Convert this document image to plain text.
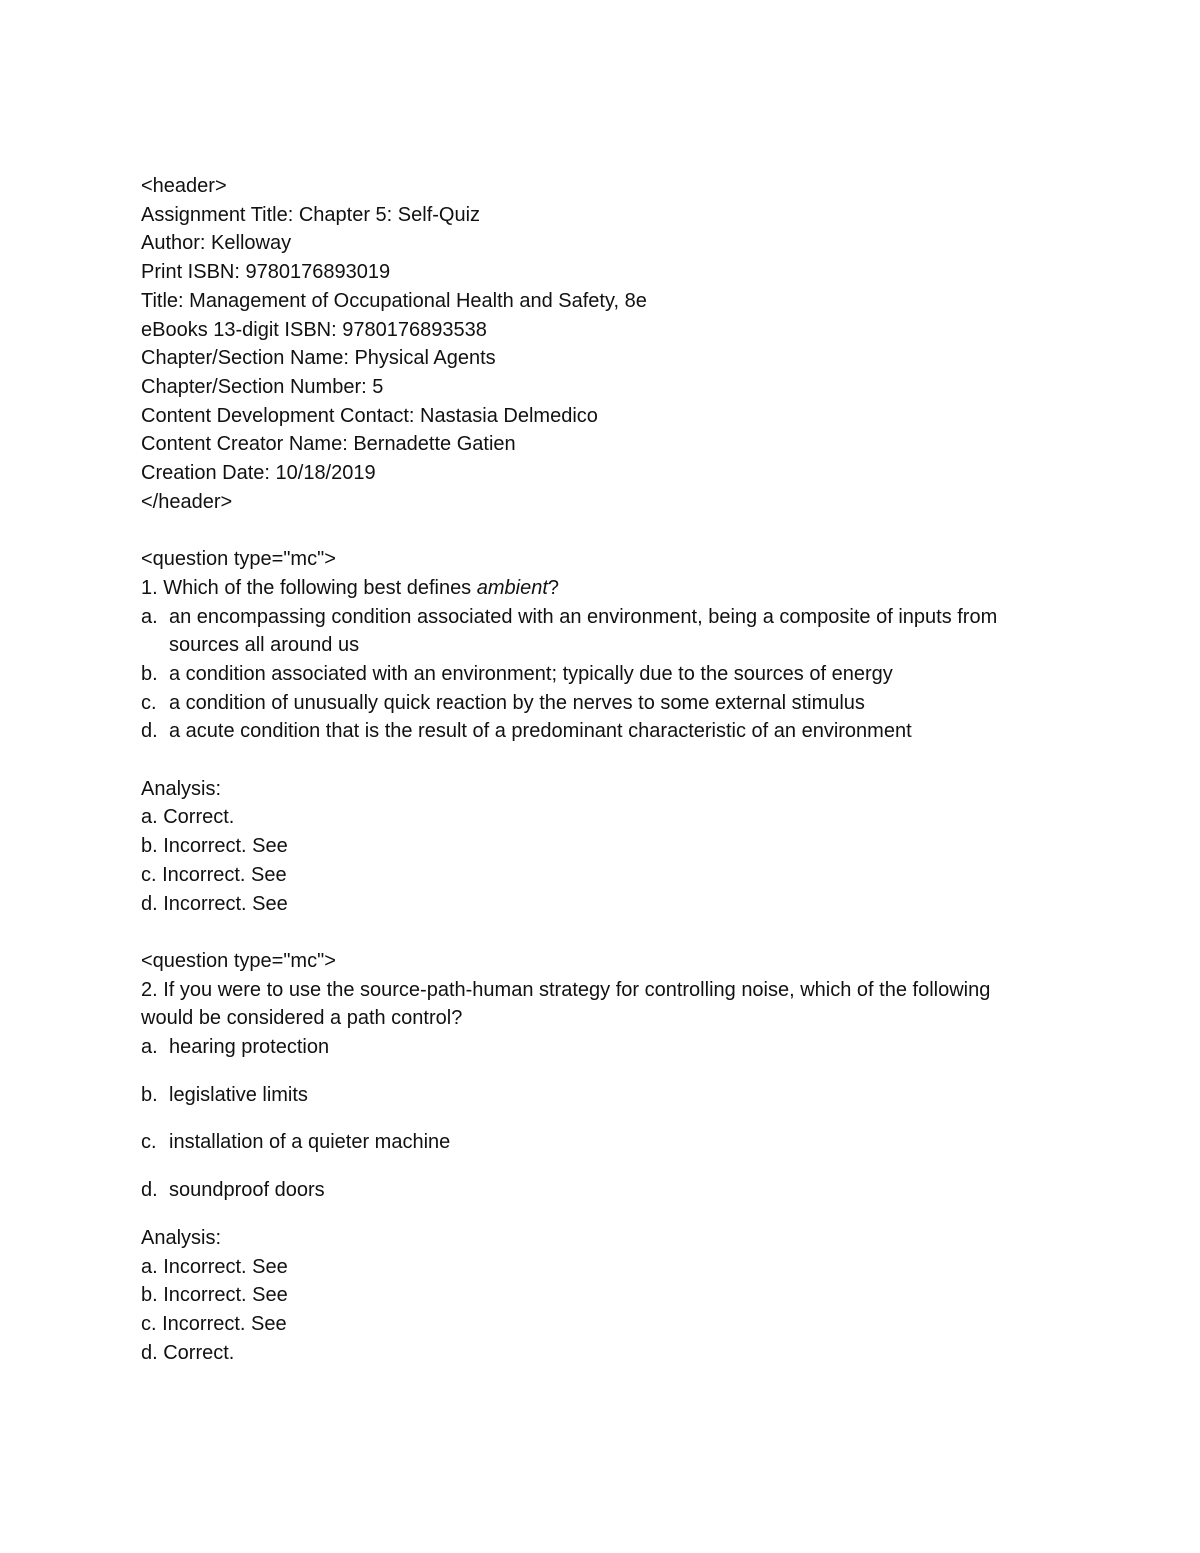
<header>
Assignment Title: Chapter 5: Self-Quiz
Author: Kelloway
Print ISBN: 9780176893019
Title: Management of Occupational Health and Safety, 8e
eBooks 13-digit ISBN: 9780176893538
Chapter/Section Name: Physical Agents
Chapter/Section Number: 5
Content Development Contact: Nastasia Delmedico
Content Creator Name: Bernadette Gatien
Creation Date: 10/18/2019
</header>
<question type="mc">
1. Which of the following best defines ambient?
a. an encompassing condition associated with an environment, being a composite of inputs from sources all around us
b. a condition associated with an environment; typically due to the sources of energy
c. a condition of unusually quick reaction by the nerves to some external stimulus
d. a acute condition that is the result of a predominant characteristic of an environment
Analysis:
a. Correct.
b. Incorrect. See
c. Incorrect. See
d. Incorrect. See
<question type="mc">
2. If you were to use the source-path-human strategy for controlling noise, which of the following would be considered a path control?
a. hearing protection
b. legislative limits
c. installation of a quieter machine
d. soundproof doors
Analysis:
a. Incorrect. See
b. Incorrect. See
c. Incorrect. See
d. Correct.
